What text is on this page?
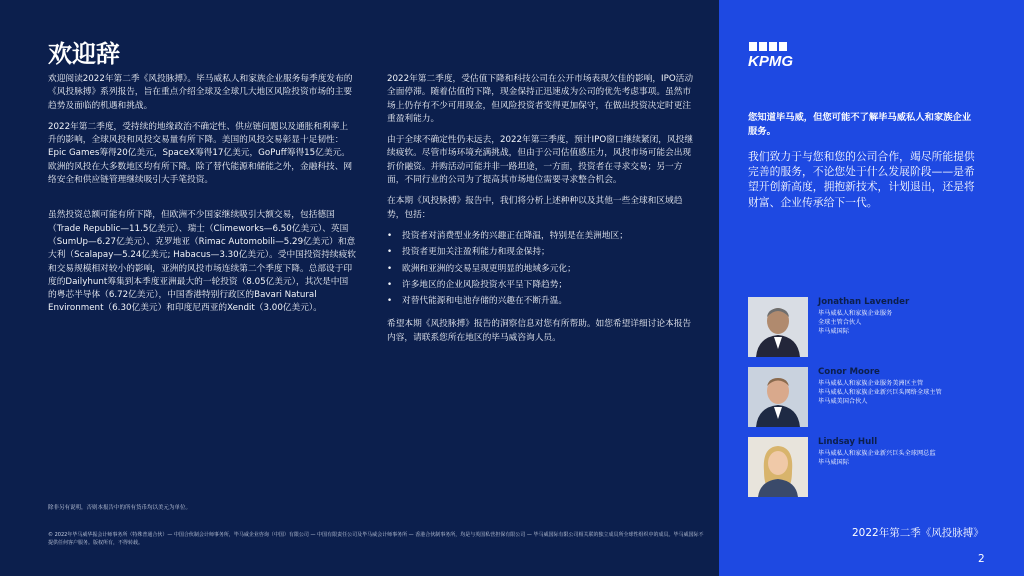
欢迎辞

欢迎阅读2022年第二季《风投脉搏》。毕马威私人和家族企业服务每季度发布的《风投脉搏》系列报告，旨在重点介绍全球及全球几大地区风险投资市场的主要趋势及面临的机遇和挑战。

2022年第二季度，受持续的地缘政治不确定性、供应链问题以及通胀和利率上升的影响，全球风投和风投交易量有所下降。美国的风投交易彰显十足韧性：Epic Games筹得20亿美元，SpaceX筹得17亿美元，GoPuff筹得15亿美元。欧洲的风投在大多数地区均有所下降。除了替代能源和储能之外，金融科技、网络安全和供应链管理继续吸引大手笔投资。

虽然投资总额可能有所下降，但欧洲不少国家继续吸引大额交易，包括德国（Trade Republic—11.5亿美元）、瑞士（Climeworks—6.50亿美元）、英国（SumUp—6.27亿美元）、克罗地亚（Rimac Automobili—5.29亿美元）和意大利（Scalapay—5.24亿美元; Habacus—3.30亿美元）。受中国投资持续疲软和交易规模相对较小的影响，亚洲的风投市场连续第二个季度下降。总部设于印度的Dailyhunt筹集到本季度亚洲最大的一轮投资（8.05亿美元），其次是中国的粤芯半导体（6.72亿美元），中国香港特别行政区的Bavari Natural Environment（6.30亿美元）和印度尼西亚的Xendit（3.00亿美元）。

2022年第二季度，受估值下降和科技公司在公开市场表现欠佳的影响，IPO活动全面停滞。随着估值的下降，现金保持正迅速成为公司的优先考虑事项。虽然市场上仍存有不少可用现金，但风险投资者变得更加保守，在做出投资决定时更注重盈利能力。

由于全球不确定性仍未远去，2022年第三季度，预计IPO窗口继续紧闭，风投继续疲软。尽管市场环境充满挑战，但由于公司估值感压力，风投市场可能会出现折价融资。并购活动可能并非一路坦途，一方面，投资者在寻求交易；另一方面，不同行业的公司为了提高其市场地位需要寻求整合机会。

在本期《风投脉搏》报告中，我们将分析上述种种以及其他一些全球和区域趋势，包括：

• 投资者对消费型业务的兴趣正在降温，特别是在美洲地区；
• 投资者更加关注盈利能力和现金保持；
• 欧洲和亚洲的交易呈现更明显的地域多元化；
• 许多地区的企业风险投资水平呈下降趋势；
• 对替代能源和电池存储的兴趣在不断升温。

希望本期《风投脉搏》报告的洞察信息对您有所帮助。如您希望详细讨论本报告内容，请联系您所在地区的毕马威咨询人员。

除非另有说明，否则本报告中的所有货币均以美元为单位。
© 2022年毕马威华振会计师事务所（特殊普通合伙）— 中国合伙制会计师事务所，毕马威企业咨询（中国）有限公司 — 中国有限责任公司及毕马威会计师事务所 — 香港合伙制事务所，均是与英国私营担保有限公司 — 毕马威国际有限公司相关联的独立成员所全球性组织中的成员。毕马威国际不提供任何客户服务。版权所有，不得转载。
KPMG
您知道毕马威，但您可能不了解毕马威私人和家族企业服务。
我们致力于与您和您的公司合作，竭尽所能提供完善的服务，不论您处于什么发展阶段——是希望开创新高度，拥抱新技术，计划退出，还是将财富、企业传承给下一代。
Jonathan Lavender
毕马威私人和家族企业服务
全球主管合伙人
毕马威国际
Conor Moore
毕马威私人和家族企业服务美洲区主管
毕马威私人和家族企业新兴巨头网络全球主管
毕马威美国合伙人
Lindsay Hull
毕马威私人和家族企业新兴巨头全球网总监
毕马威国际
2022年第二季《风投脉搏》
2
